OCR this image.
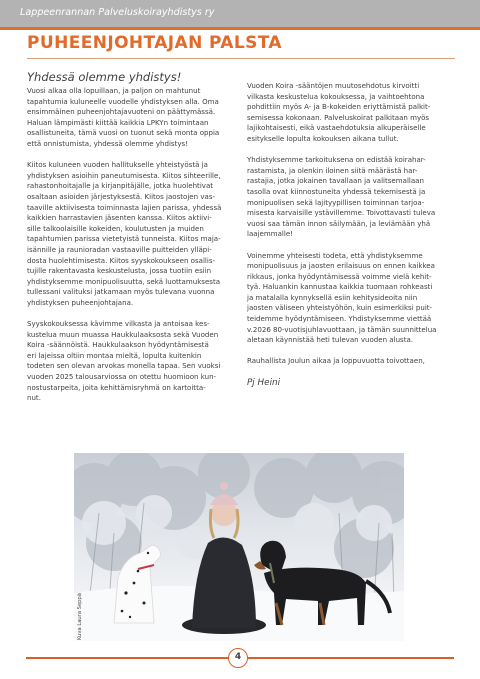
Lappeenrannan Palveluskoirayhdistys ry
PUHEENJOHTAJAN PALSTA
Yhdessä olemme yhdistys!

Vuosi alkaa olla lopuillaan, ja paljon on mahtunut
tapahtumia kuluneelle vuodelle yhdistyksen alla. Oma
ensimmäinen puheenjohtajavuoteni on päättymässä.
Haluan lämpimästi kiittää kaikkia LPKYn toimintaan
osallistuneita, tämä vuosi on tuonut sekä monta oppia
että onnistumista, yhdessä olemme yhdistys!

Kiitos kuluneen vuoden hallitukselle yhteistyöstä ja
yhdistyksen asioihin paneutumisesta. Kiitos sihteerille,
rahastonhoitajalle ja kirjanpitäjälle, jotka huolehtivat
osaltaan asioiden järjestyksestä. Kiitos jaostojen vas-
taaville aktiivisesta toiminnasta lajien parissa, yhdessä
kaikkien harrastavien jäsenten kanssa. Kiitos aktiivi-
sille talkoolaisille kokeiden, koulutusten ja muiden
tapahtumien parissa vietetyistä tunneista. Kiitos maja-
isännille ja raunioradan vastaaville puitteiden ylläpi-
dosta huolehtimisesta. Kiitos syyskokoukseen osallis-
tujille rakentavasta keskustelusta, jossa tuotiin esiin
yhdistyksemme monipuolisuutta, sekä luottamuksesta
tullessani valituksi jatkamaan myös tulevana vuonna
yhdistyksen puheenjohtajana.

Syyskokouksessa kävimme vilkasta ja antoisaa kes-
kustelua muun muassa Haukkulaaksosta sekä Vuoden
Koira -säännöistä. Haukkulaakson hyödyntämisestä
eri lajeissa oltiin montaa mieltä, lopulta kuitenkin
todeten sen olevan arvokas monella tapaa. Sen vuoksi
vuoden 2025 talousarviossa on otettu huomioon kun-
nostustarpeita, joita kehittämisryhmä on kartoitta-
nut.

Vuoden Koira -sääntöjen muutosehdotus kirvoitti
vilkasta keskustelua kokouksessa, ja vaihtoehtona
pohdittiin myös A- ja B-kokeiden eriyttämistä palkit-
semisessa kokonaan. Palveluskoirat palkitaan myös
lajikohtaisesti, eikä vastaehdotuksia alkuperäiselle
esitykselle lopulta kokouksen aikana tullut.

Yhdistyksemme tarkoituksena on edistää koirahar-
rastamista, ja olenkin iloinen siitä määrästä har-
rastajia, jotka jokainen tavallaan ja valitsemallaan
tasolla ovat kiinnostuneita yhdessä tekemisestä ja
monipuolisen sekä lajityypillisen toiminnan tarjoa-
misesta karvaisille ystävillemme. Toivottavasti tuleva
vuosi saa tämän innon säilymään, ja leviämään yhä
laajemmalle!

Voinemme yhteisesti todeta, että yhdistyksemme
monipuolisuus ja jaosten erilaisuus on ennen kaikkea
rikkaus, jonka hyödyntämisessä voimme vielä kehit-
tyä. Haluankin kannustaa kaikkia tuomaan rohkeasti
ja matalalla kynnyksellä esiin kehitysideoita niin
jaosten väliseen yhteistyöhön, kuin esimerkiksi puit-
teidemme hyödyntämiseen. Yhdistyksemme viettää
v.2026 80-vuotisjuhlavuottaan, ja tämän suunnittelua
aletaan käynnistää heti tulevan vuoden alusta.

Rauhallista Joulun aikaa ja loppuvuotta toivottaen,

Pj Heini
Kuva Laura Seppä
4
